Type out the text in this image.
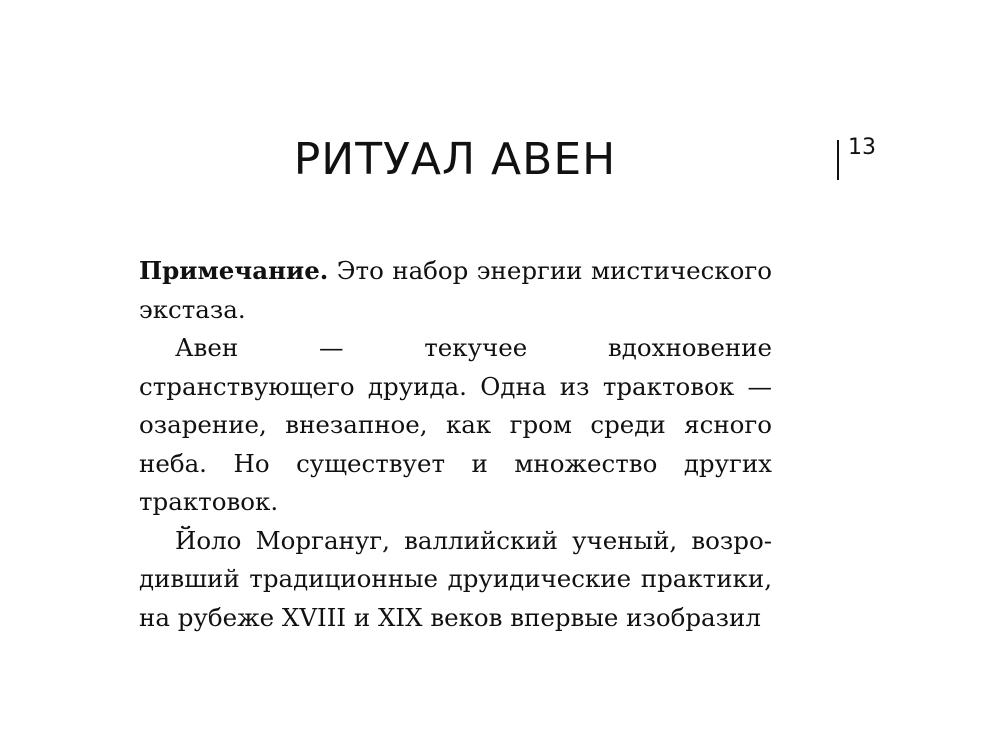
РИТУАЛ АВЕН	13

Примечание. Это набор энергии мистического экстаза.

Авен — текучее вдохновение странствующего друида. Одна из трактовок — озарение, внезапное, как гром среди ясного неба. Но существует и множество других трактовок.

Йоло Моргануг, валлийский ученый, возродивший традиционные друидические практики, на рубеже XVIII и XIX веков впервые изобразил
